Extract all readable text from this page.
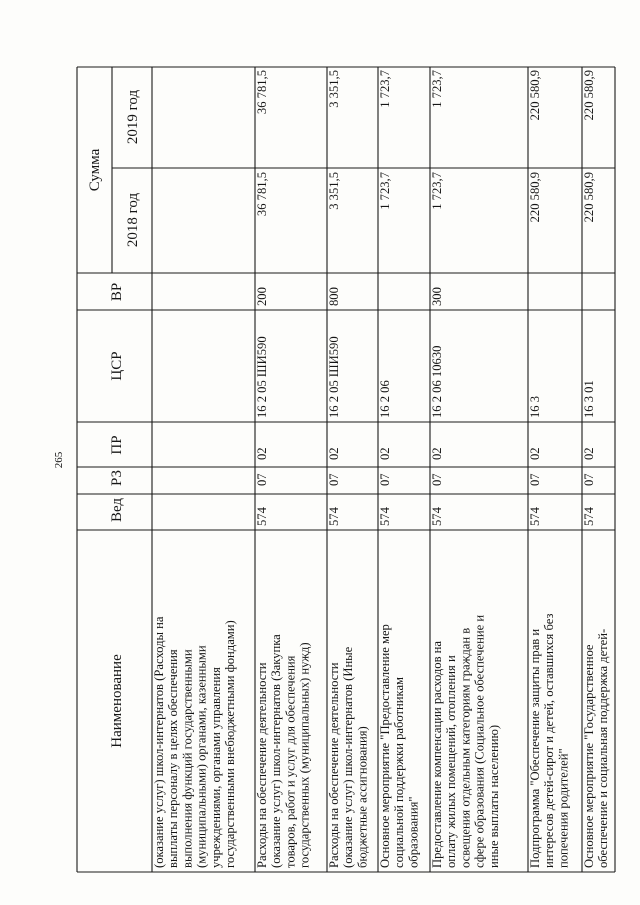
265
Наименование
Вед
РЗ
ПР
ЦСР
ВР
Сумма
2018 год
2019 год
(оказание услуг) школ-интернатов (Расходы навыплаты персоналу в целях обеспечениявыполнения функций государственными(муниципальными) органами, казеннымиучреждениями, органами управлениягосударственными внебюджетными фондами) Расходы на обеспечение деятельности(оказание услуг) школ-интернатов (Закупкатоваров, работ и услуг для обеспечениягосударственных (муниципальных) нужд)
574
07
02
16 2 05 ШИ590
200
36 781,5
36 781,5
Расходы на обеспечение деятельности(оказание услуг) школ-интернатов (Иныебюджетные ассигнования)
574
07
02
16 2 05 ШИ590
800
3 351,5
3 351,5
Основное мероприятие "Предоставление мерсоциальной поддержки работникамобразования"
574
07
02
16 2 06
1 723,7
1 723,7
Предоставление компенсации расходов наоплату жилых помещений, отопления иосвещения отдельным категориям граждан всфере образования (Социальное обеспечение ииные выплаты населению)
574
07
02
16 2 06 10630
300
1 723,7
1 723,7
Подпрограмма "Обеспечение защиты прав иинтересов детей-сирот и детей, оставшихся безпопечения родителей"
574
07
02
16 3
220 580,9
220 580,9
Основное мероприятие "Государственноеобеспечение и социальная поддержка детей-
574
07
02
16 3 01
220 580,9
220 580,9
